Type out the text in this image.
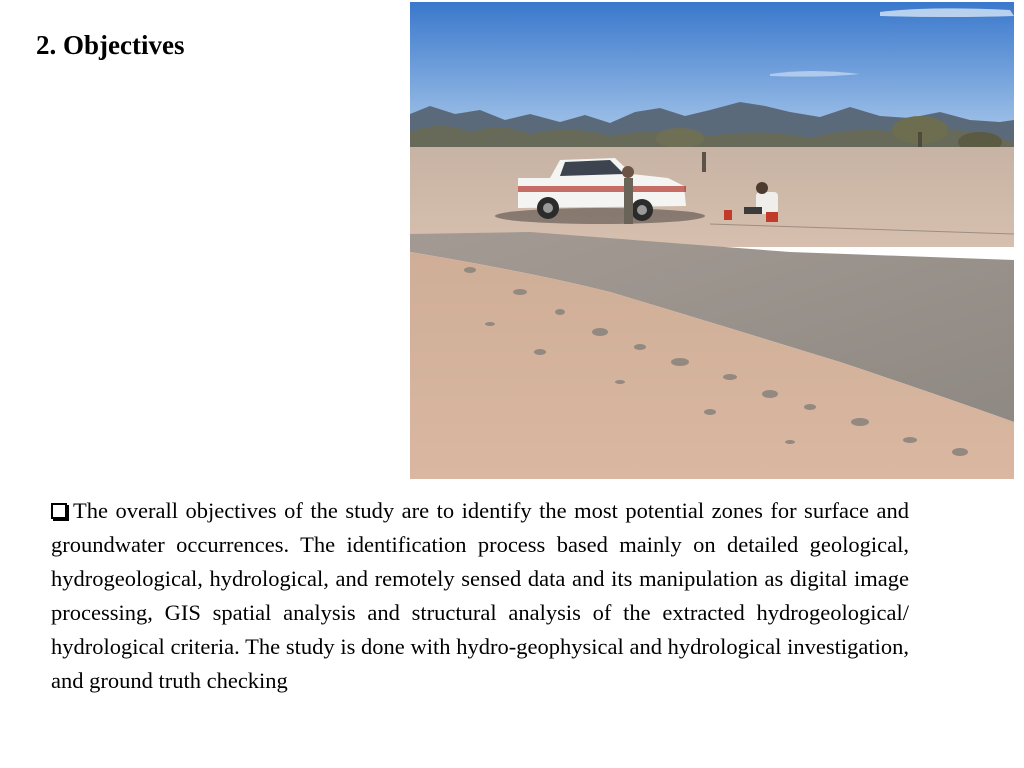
2. Objectives

The overall objectives of the study are to identify the most potential zones for surface and groundwater occurrences. The identification process based mainly on detailed geological, hydrogeological, hydrological, and remotely sensed data and its manipulation as digital image processing, GIS spatial analysis and structural analysis of the extracted hydrogeological/ hydrological criteria. The study is done with hydro-geophysical and hydrological investigation, and ground truth checking
